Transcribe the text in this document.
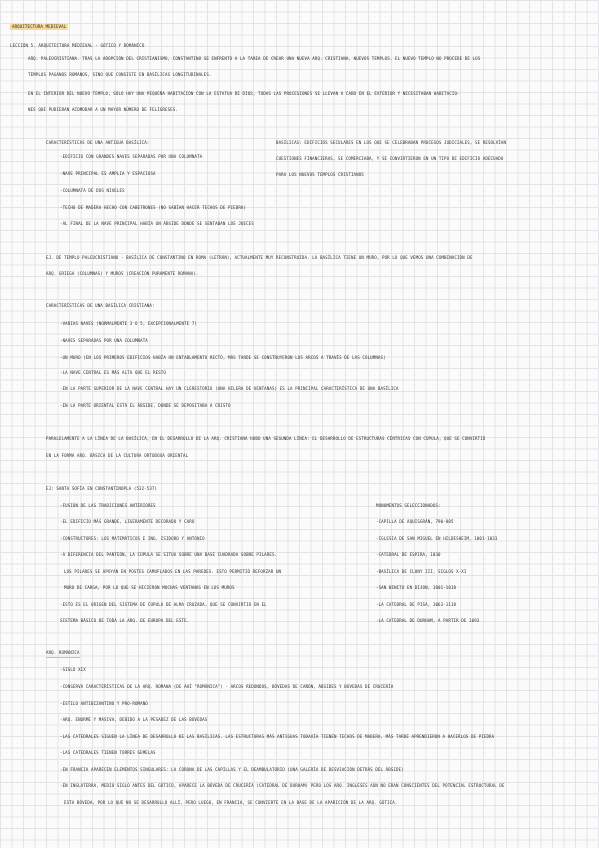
ARQUITECTURA MEDIEVAL

LECCIÓN 5. ARQUITECTURA MEDIEVAL - GÓTICO Y ROMÁNICO

ARQ. PALEOCRISTIANA. TRAS LA ADOPCIÓN DEL CRISTIANISMO, CONSTANTINO SE ENFRENTÓ A LA TAREA DE CREAR UNA NUEVA ARQ. CRISTIANA, NUEVOS TEMPLOS. EL NUEVO TEMPLO NO PROCEDE DE LOS

TEMPLOS PAGANOS ROMANOS, SINO QUE CONSISTE EN BASÍLICAS LONGITUDINALES.

EN EL INTERIOR DEL NUEVO TEMPLO, SÓLO HAY UNA PEQUEÑA HABITACIÓN CON LA ESTATUA DE DIOS, TODAS LAS PROCESIONES SE LLEVAN A CABO EN EL EXTERIOR Y NECESITABAN HABITACIO-

NES QUE PUDIERAN ACOMODAR A UN MAYOR NÚMERO DE FELIGRESES.

CARACTERÍSTICAS DE UNA ANTIGUA BASÍLICA:

-EDIFICIO CON GRANDES NAVES SEPARADAS POR UNA COLUMNATA

-NAVE PRINCIPAL ES AMPLIA Y ESPACIOSA

-COLUMNATA DE DOS NIVELES

-TECHO DE MADERA HECHO CON CABETRONES (NO SABÍAN HACER TECHOS DE PIEDRA)

-AL FINAL DE LA NAVE PRINCIPAL HABÍA UN ÁBSIDE DONDE SE SENTABAN LOS JUECES

BASÍLICAS: EDIFICIOS SECULARES EN LOS QUE SE CELEBRABAN PROCESOS JUDICIALES, SE RESOLVÍAN

CUESTIONES FINANCIERAS, SE COMERCIABA, Y SE CONVIRTIERON EN UN TIPO DE EDIFICIO ADECUADO

PARA LOS NUEVOS TEMPLOS CRISTIANOS

EJ. DE TEMPLO PALEOCRISTIANO - BASÍLICA DE CONSTANTINO EN ROMA (LETRÁN), ACTUALMENTE MUY RECONSTRUIDA. LA BASÍLICA TIENE UN MURO, POR LO QUE VEMOS UNA COMBINACIÓN DE

ARQ. GRIEGA (COLUMNAS) Y MUROS (CREACIÓN PURAMENTE ROMANA).

CARACTERÍSTICAS DE UNA BASÍLICA CRISTIANA:

-VARIAS NAVES (NORMALMENTE 3 O 5, EXCEPCIONALMENTE 7)

-NAVES SEPARADAS POR UNA COLUMNATA

-UN MURO (EN LOS PRIMEROS EDIFICIOS HABÍA UN ENTABLAMENTO RECTO, MÁS TARDE SE CONSTRUYERON LOS ARCOS A TRAVÉS DE LAS COLUMNAS)

-LA NAVE CENTRAL ES MÁS ALTA QUE EL RESTO

-EN LA PARTE SUPERIOR DE LA NAVE CENTRAL HAY UN CLERESTORIO (UNA HILERA DE VENTANAS) ES LA PRINCIPAL CARACTERÍSTICA DE UNA BASÍLICA

-EN LA PARTE ORIENTAL ESTÁ EL ÁBSIDE, DONDE SE DEPOSITABA A CRISTO

PARALELAMENTE A LA LÍNEA DE LA BASÍLICA, EN EL DESARROLLO DE LA ARQ. CRISTIANA HUBO UNA SEGUNDA LÍNEA: EL DESARROLLO DE ESTRUCTURAS CÉNTRICAS CON CÚPULA, QUE SE CONVIRTIÓ

EN LA FORMA ARQ. BÁSICA DE LA CULTURA ORTODOXA ORIENTAL

EJ: SANTA SOFÍA EN CONSTANTINOPLA (532-537)

-FUSIÓN DE LAS TRADICIONES ANTERIORES

-EL EDIFICIO MÁS GRANDE, LIGERAMENTE DECORADO Y CARO

-CONSTRUCTORES: LOS MATEMÁTICOS E ING. ISIDORO Y ANTONIO

-A DIFERENCIA DEL PANTEÓN, LA CÚPULA SE SITÚA SOBRE UNA BASE CUADRADA SOBRE PILARES.

LOS PILARES SE APOYAN EN POSTES CAMUFLADOS EN LAS PAREDES. ESTO PERMITIÓ REFORZAR UN

MURO DE CARGA, POR LO QUE SE HICIERON MUCHAS VENTANAS EN LOS MUROS

-ESTO ES EL ORIGEN DEL SISTEMA DE CÚPULA DE ALMA CRUZADA, QUE SE CONVIRTIÓ EN EL

SISTEMA BÁSICO DE TODA LA ARQ. DE EUROPA DEL ESTE.

MONUMENTOS SELECCIONADOS:

-CAPILLA DE AQUISGRÁN, 790-805

-IGLESIA DE SAN MIGUEL EN HILDESHEIM, 1001-1033

-CATEDRAL DE ESPIRA, 1030

-BASÍLICA DE CLUNY III, SIGLOS X-XI

-SAN BENITO EN DIJON, 1001-1018

-LA CATEDRAL DE PISA, 1063-1118

-LA CATEDRAL DE DURHAM, A PARTIR DE 1093

ARQ. ROMÁNICA

-SIGLO XIX

-CONSERVA CARACTERÍSTICAS DE LA ARQ. ROMANA (DE AHÍ "ROMÁNICA") - ARCOS REDONDOS, BÓVEDAS DE CAÑÓN, ÁBSIDES Y BÓVEDAS DE CRUCERÍA

-ESTILO ANTIBIZANTINO Y PRO-ROMANO

-ARQ. ENORME Y MASIVA, DEBIDO A LA PESADEZ DE LAS BÓVEDAS

-LAS CATEDRALES SIGUEN LA LÍNEA DE DESARROLLO DE LAS BASÍLICAS. LAS ESTRUCTURAS MÁS ANTIGUAS TODAVÍA TIENEN TECHOS DE MADERA, MÁS TARDE APRENDIERON A HACERLOS DE PIEDRA

-LAS CATEDRALES TIENEN TORRES GEMELAS

-EN FRANCIA APARECEN ELEMENTOS SINGULARES: LA CORONA DE LAS CAPILLAS Y EL DEAMBULATORIO (UNA GALERÍA DE DESVIACIÓN DETRÁS DEL ÁBSIDE)

-EN INGLATERRA, MEDIO SIGLO ANTES DEL GÓTICO, APARECE LA BÓVEDA DE CRUCERÍA (CATEDRAL DE DURHAM) PERO LOS ARQ. INGLESES AÚN NO ERAN CONSCIENTES DEL POTENCIAL ESTRUCTURAL DE

ESTA BÓVEDA, POR LO QUE NO SE DESARROLLÓ ALLÍ, PERO LUEGO, EN FRANCIA, SE CONVIERTE EN LA BASE DE LA APARICIÓN DE LA ARQ. GÓTICA.
